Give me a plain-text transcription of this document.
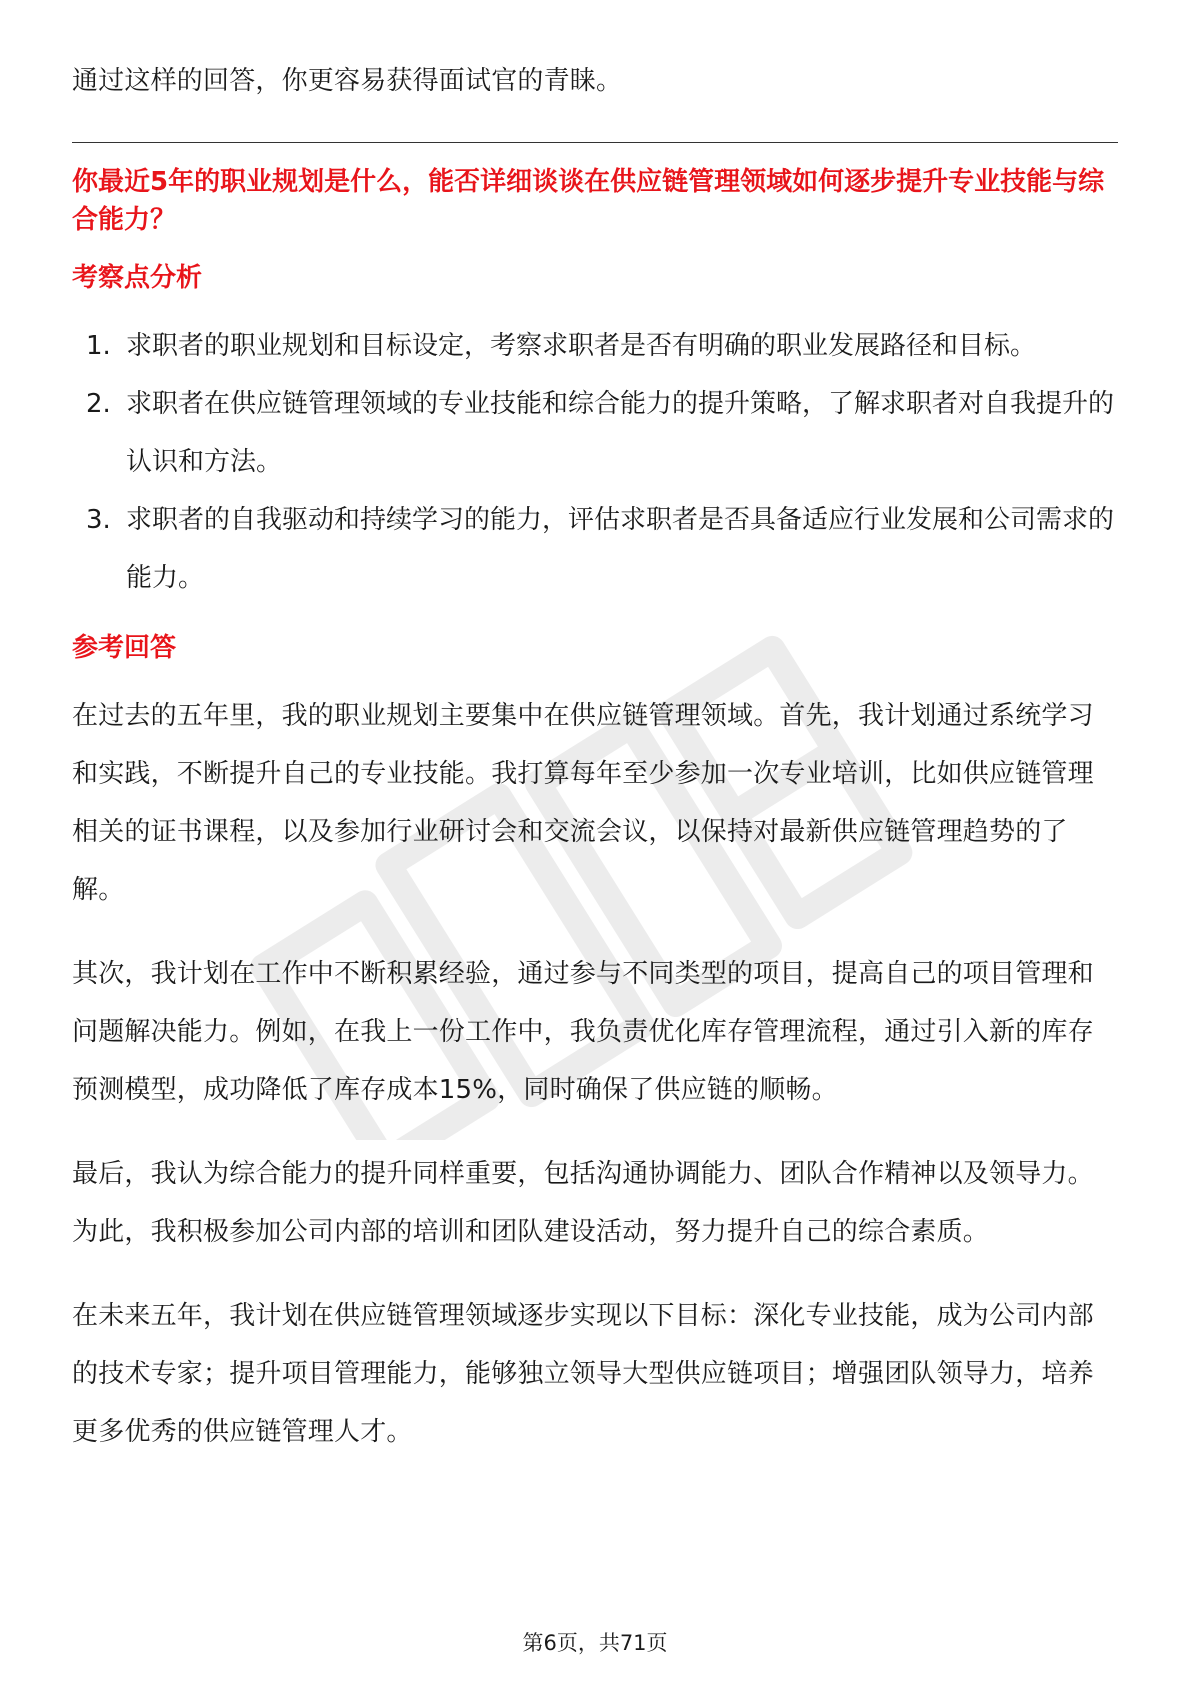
通过这样的回答，你更容易获得面试官的青睐。

你最近5年的职业规划是什么，能否详细谈谈在供应链管理领域如何逐步提升专业技能与综合能力？
考察点分析
1. 求职者的职业规划和目标设定，考察求职者是否有明确的职业发展路径和目标。
2. 求职者在供应链管理领域的专业技能和综合能力的提升策略，了解求职者对自我提升的认识和方法。
3. 求职者的自我驱动和持续学习的能力，评估求职者是否具备适应行业发展和公司需求的能力。
参考回答

在过去的五年里，我的职业规划主要集中在供应链管理领域。首先，我计划通过系统学习和实践，不断提升自己的专业技能。我打算每年至少参加一次专业培训，比如供应链管理相关的证书课程，以及参加行业研讨会和交流会议，以保持对最新供应链管理趋势的了解。

其次，我计划在工作中不断积累经验，通过参与不同类型的项目，提高自己的项目管理和问题解决能力。例如，在我上一份工作中，我负责优化库存管理流程，通过引入新的库存预测模型，成功降低了库存成本15%，同时确保了供应链的顺畅。

最后，我认为综合能力的提升同样重要，包括沟通协调能力、团队合作精神以及领导力。为此，我积极参加公司内部的培训和团队建设活动，努力提升自己的综合素质。

在未来五年，我计划在供应链管理领域逐步实现以下目标：深化专业技能，成为公司内部的技术专家；提升项目管理能力，能够独立领导大型供应链项目；增强团队领导力，培养更多优秀的供应链管理人才。

第6页，共71页
